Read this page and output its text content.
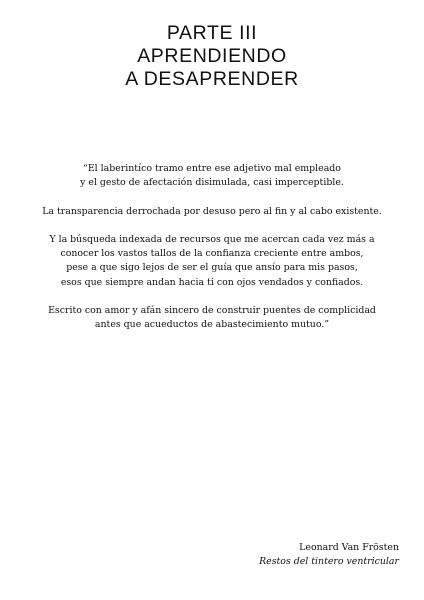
PARTE III
APRENDIENDO
A DESAPRENDER

“El laberintíco tramo entre ese adjetivo mal empleado
y el gesto de afectación disimulada, casi imperceptible.

La transparencia derrochada por desuso pero al fin y al cabo existente.

Y la búsqueda indexada de recursos que me acercan cada vez más a
conocer los vastos tallos de la confianza creciente entre ambos,
pese a que sigo lejos de ser el guía que ansío para mis pasos,
esos que siempre andan hacia ti con ojos vendados y confiados.

Escrito con amor y afán sincero de construir puentes de complicidad
antes que acueductos de abastecimiento mutuo.”

Leonard Van Frösten
Restos del tintero ventricular
